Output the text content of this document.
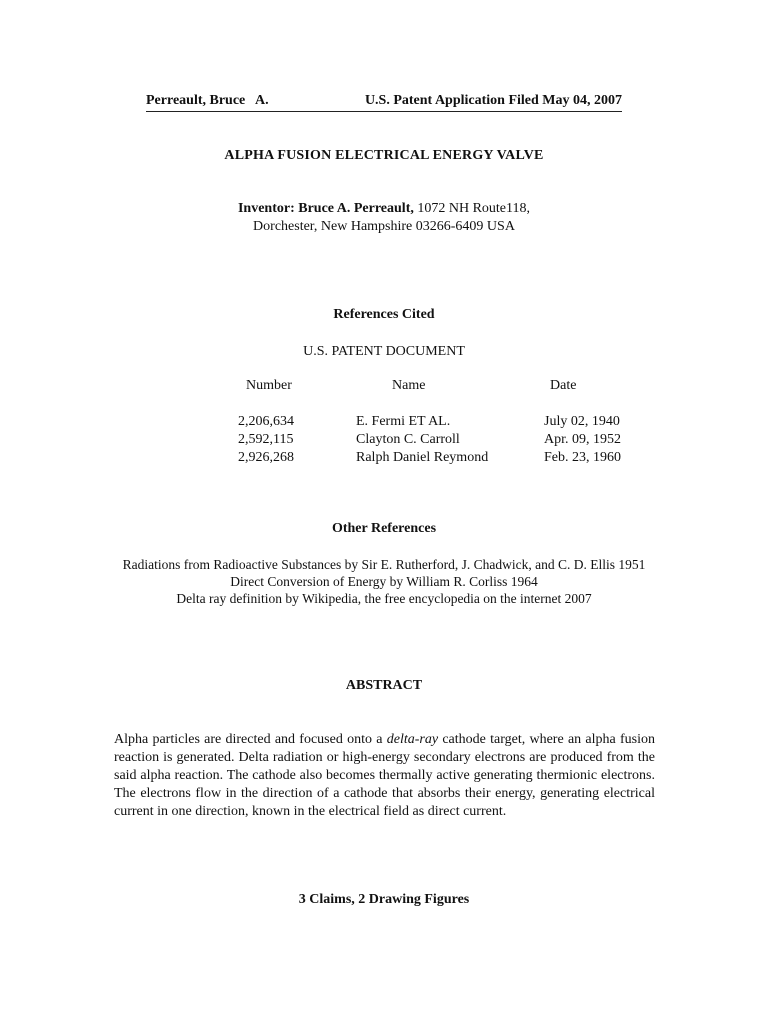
Perreault, Bruce   A.	U.S. Patent Application Filed May 04, 2007
ALPHA FUSION ELECTRICAL ENERGY VALVE
Inventor: Bruce A. Perreault, 1072 NH Route118,
Dorchester, New Hampshire 03266-6409 USA
References Cited
U.S. PATENT DOCUMENT
Number	Name	Date

2,206,634	E. Fermi ET AL.	July 02, 1940
2,592,115	Clayton C. Carroll	Apr. 09, 1952
2,926,268	Ralph Daniel Reymond	Feb. 23, 1960
Other References
Radiations from Radioactive Substances by Sir E. Rutherford, J. Chadwick, and C. D. Ellis 1951
Direct Conversion of Energy by William R. Corliss 1964
Delta ray definition by Wikipedia, the free encyclopedia on the internet 2007
ABSTRACT
Alpha particles are directed and focused onto a delta-ray cathode target, where an alpha fusion reaction is generated. Delta radiation or high-energy secondary electrons are produced from the said alpha reaction. The cathode also becomes thermally active generating thermionic electrons. The electrons flow in the direction of a cathode that absorbs their energy, generating electrical current in one direction, known in the electrical field as direct current.
3 Claims, 2 Drawing Figures
